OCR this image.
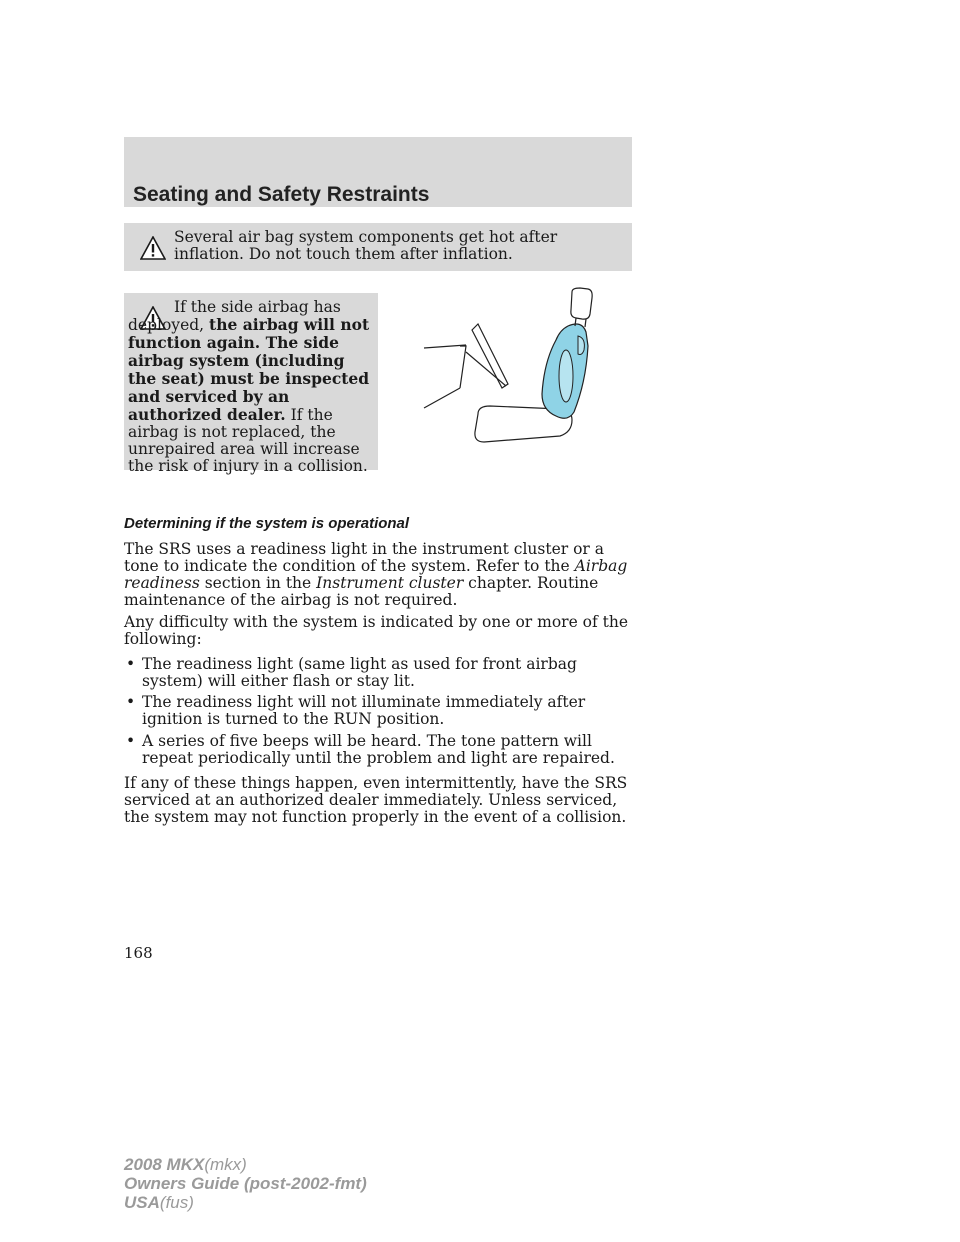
Seating and Safety Restraints
Several air bag system components get hot after inflation. Do not touch them after inflation.
If the side airbag has deployed, the airbag will not function again. The side airbag system (including the seat) must be inspected and serviced by an authorized dealer. If the airbag is not replaced, the unrepaired area will increase the risk of injury in a collision.
Determining if the system is operational
The SRS uses a readiness light in the instrument cluster or a tone to indicate the condition of the system. Refer to the Airbag readiness section in the Instrument cluster chapter. Routine maintenance of the airbag is not required.
Any difficulty with the system is indicated by one or more of the following:
• The readiness light (same light as used for front airbag system) will either flash or stay lit.
• The readiness light will not illuminate immediately after ignition is turned to the RUN position.
• A series of five beeps will be heard. The tone pattern will repeat periodically until the problem and light are repaired.
If any of these things happen, even intermittently, have the SRS serviced at an authorized dealer immediately. Unless serviced, the system may not function properly in the event of a collision.
168
2008 MKX(mkx)
Owners Guide (post-2002-fmt)
USA(fus)
